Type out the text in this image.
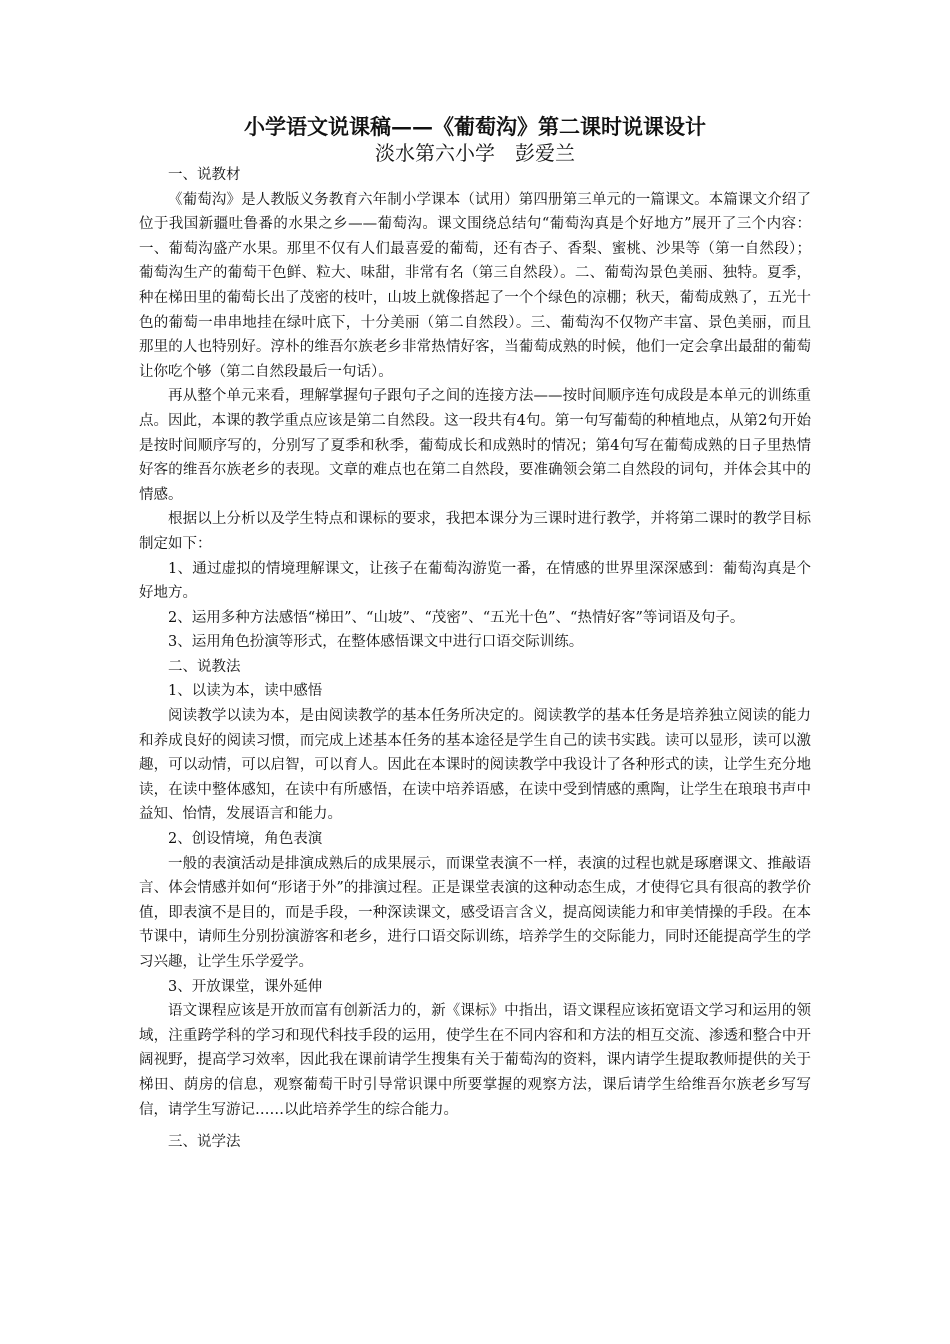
小学语文说课稿——《葡萄沟》第二课时说课设计
淡水第六小学　彭爱兰

一、说教材

《葡萄沟》是人教版义务教育六年制小学课本（试用）第四册第三单元的一篇课文。本篇课文介绍了位于我国新疆吐鲁番的水果之乡——葡萄沟。课文围绕总结句“葡萄沟真是个好地方”展开了三个内容：一、葡萄沟盛产水果。那里不仅有人们最喜爱的葡萄，还有杏子、香梨、蜜桃、沙果等（第一自然段）；葡萄沟生产的葡萄干色鲜、粒大、味甜，非常有名（第三自然段）。二、葡萄沟景色美丽、独特。夏季，种在梯田里的葡萄长出了茂密的枝叶，山坡上就像搭起了一个个绿色的凉棚；秋天，葡萄成熟了，五光十色的葡萄一串串地挂在绿叶底下，十分美丽（第二自然段）。三、葡萄沟不仅物产丰富、景色美丽，而且那里的人也特别好。淳朴的维吾尔族老乡非常热情好客，当葡萄成熟的时候，他们一定会拿出最甜的葡萄让你吃个够（第二自然段最后一句话）。

再从整个单元来看，理解掌握句子跟句子之间的连接方法——按时间顺序连句成段是本单元的训练重点。因此，本课的教学重点应该是第二自然段。这一段共有4句。第一句写葡萄的种植地点，从第2句开始是按时间顺序写的，分别写了夏季和秋季，葡萄成长和成熟时的情况；第4句写在葡萄成熟的日子里热情好客的维吾尔族老乡的表现。文章的难点也在第二自然段，要准确领会第二自然段的词句，并体会其中的情感。

根据以上分析以及学生特点和课标的要求，我把本课分为三课时进行教学，并将第二课时的教学目标制定如下：

1、通过虚拟的情境理解课文，让孩子在葡萄沟游览一番，在情感的世界里深深感到：葡萄沟真是个好地方。

2、运用多种方法感悟“梯田”、“山坡”、“茂密”、“五光十色”、“热情好客”等词语及句子。

3、运用角色扮演等形式，在整体感悟课文中进行口语交际训练。

二、说教法

1、以读为本，读中感悟

阅读教学以读为本，是由阅读教学的基本任务所决定的。阅读教学的基本任务是培养独立阅读的能力和养成良好的阅读习惯，而完成上述基本任务的基本途径是学生自己的读书实践。读可以显形，读可以激趣，可以动情，可以启智，可以育人。因此在本课时的阅读教学中我设计了各种形式的读，让学生充分地读，在读中整体感知，在读中有所感悟，在读中培养语感，在读中受到情感的熏陶，让学生在琅琅书声中益知、怡情，发展语言和能力。

2、创设情境，角色表演

一般的表演活动是排演成熟后的成果展示，而课堂表演不一样，表演的过程也就是琢磨课文、推敲语言、体会情感并如何“形诸于外”的排演过程。正是课堂表演的这种动态生成，才使得它具有很高的教学价值，即表演不是目的，而是手段，一种深读课文，感受语言含义，提高阅读能力和审美情操的手段。在本节课中，请师生分别扮演游客和老乡，进行口语交际训练，培养学生的交际能力，同时还能提高学生的学习兴趣，让学生乐学爱学。

3、开放课堂，课外延伸

语文课程应该是开放而富有创新活力的，新《课标》中指出，语文课程应该拓宽语文学习和运用的领域，注重跨学科的学习和现代科技手段的运用，使学生在不同内容和和方法的相互交流、渗透和整合中开阔视野，提高学习效率，因此我在课前请学生搜集有关于葡萄沟的资料，课内请学生提取教师提供的关于梯田、荫房的信息，观察葡萄干时引导常识课中所要掌握的观察方法，课后请学生给维吾尔族老乡写写信，请学生写游记……以此培养学生的综合能力。

三、说学法
